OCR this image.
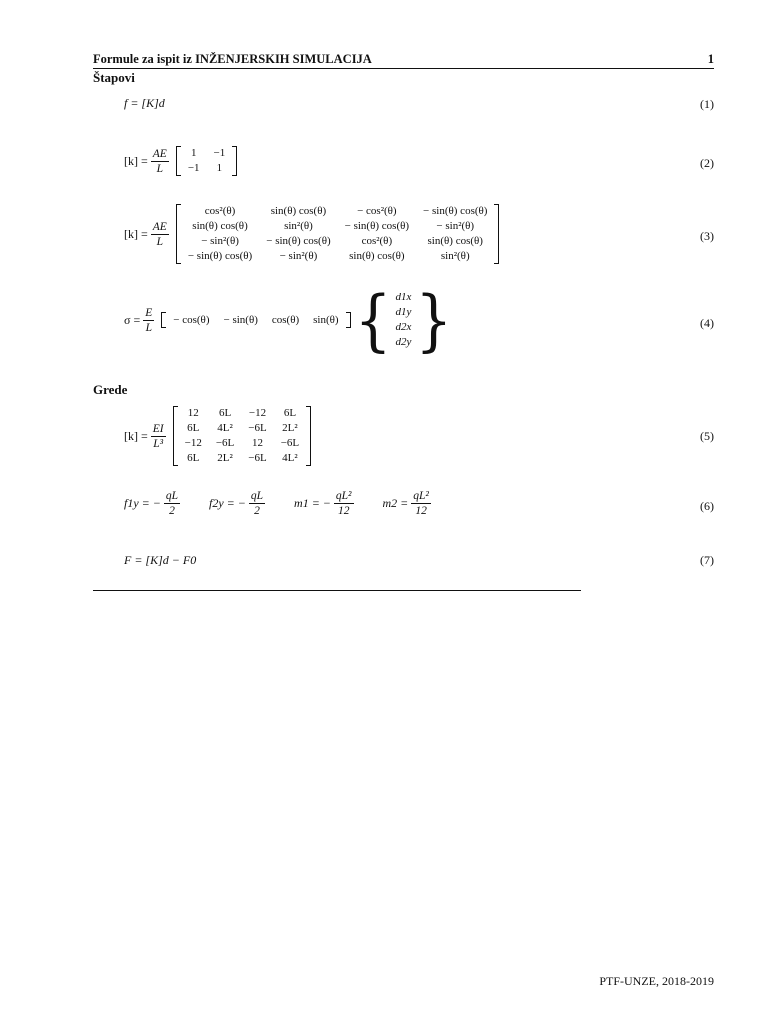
Formule za ispit iz INŽENJERSKIH SIMULACIJA	1
Štapovi
f = [K]d	(1)
$[k] = \frac{AE}{L} 1$	−1
−1	1	(2)
$[k] = \frac{AE}{L}$
cos²(θ)	sin(θ) cos(θ)	− cos²(θ)	− sin(θ) cos(θ)
sin(θ) cos(θ)	sin²(θ)	− sin(θ) cos(θ)	− sin²(θ)
− sin²(θ)	− sin(θ) cos(θ)	cos²(θ)	sin(θ) cos(θ)
− sin(θ) cos(θ)	− sin²(θ)	sin(θ) cos(θ)	sin²(θ)
(3)
$\sigma = \frac{E}{L} - \cos(\theta)$	− sin(θ)	cos(θ)	sin(θ) { d1x
d1y
d2x
d2y }	(4)
Grede
$[k] = \frac{EI}{\text{L³}}$
12	6L	−12	6L
6L	4L²	−6L	2L²
−12	−6L	12	−6L
6L	2L²	−6L	4L²
(5)
f1y = − $\frac{qL}{2} f2y$ = − $\frac{qL}{2} m1$ = − $\frac{\text{qL²}}{12} m2 = \frac{\text{qL²}}{12}$	(6)
F = [K]d − F0	(7)
PTF-UNZE, 2018-2019
